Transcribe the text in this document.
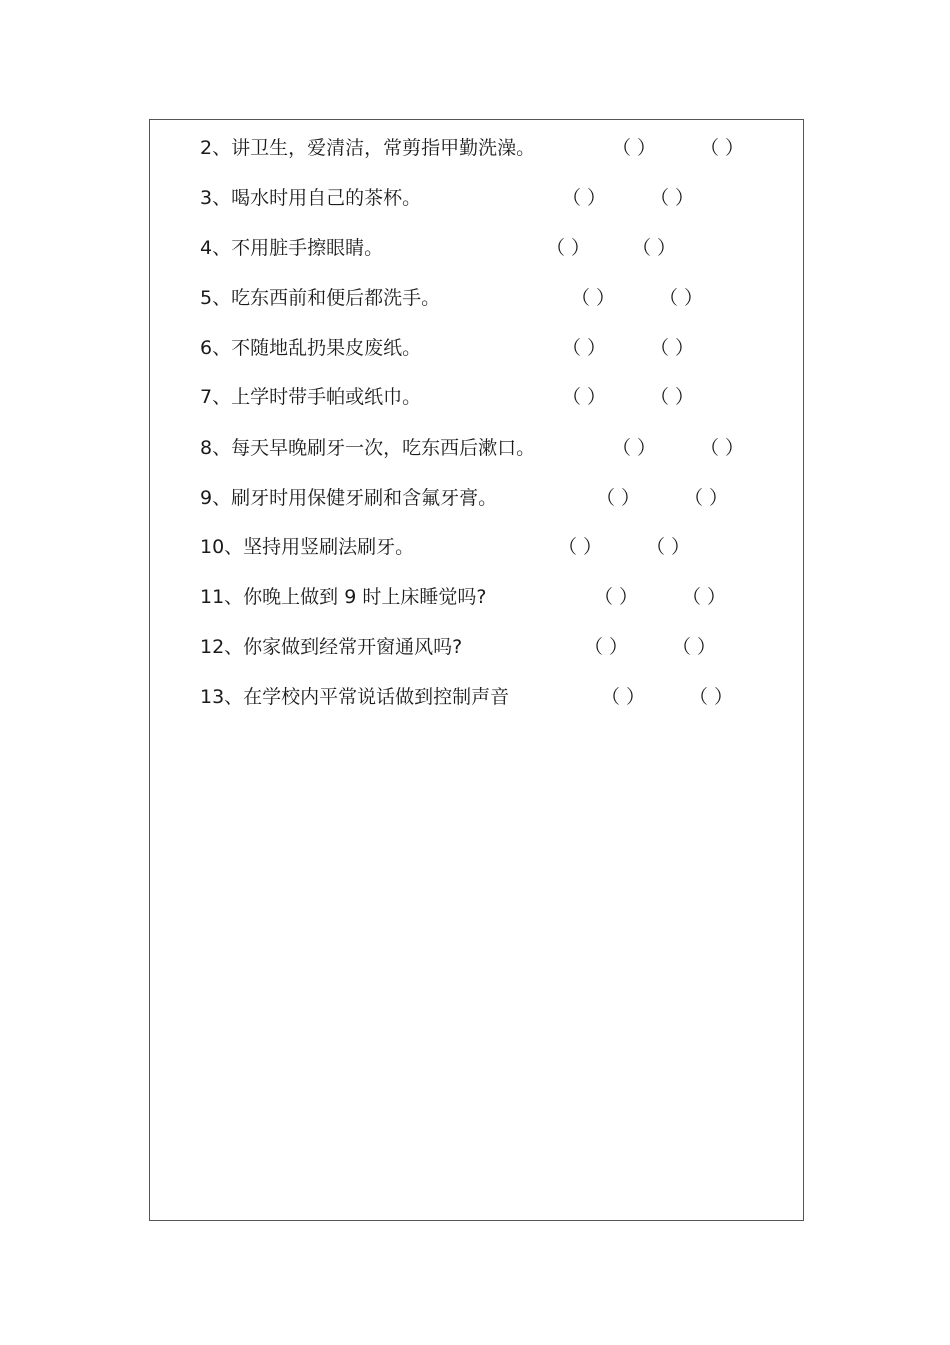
2、讲卫生，爱清洁，常剪指甲勤洗澡。	（ ） （ ）
3、喝水时用自己的茶杯。	（ ） （ ）
4、不用脏手擦眼睛。	（ ） （ ）
5、吃东西前和便后都洗手。	（ ） （ ）
6、不随地乱扔果皮废纸。	（ ） （ ）
7、上学时带手帕或纸巾。	（ ） （ ）
8、每天早晚刷牙一次，吃东西后漱口。	（ ） （ ）
9、刷牙时用保健牙刷和含氟牙膏。	（ ） （ ）
10、坚持用竖刷法刷牙。	（ ） （ ）
11、你晚上做到 9 时上床睡觉吗?	（ ） （ ）
12、你家做到经常开窗通风吗?	（ ） （ ）
13、在学校内平常说话做到控制声音	（ ） （ ）
